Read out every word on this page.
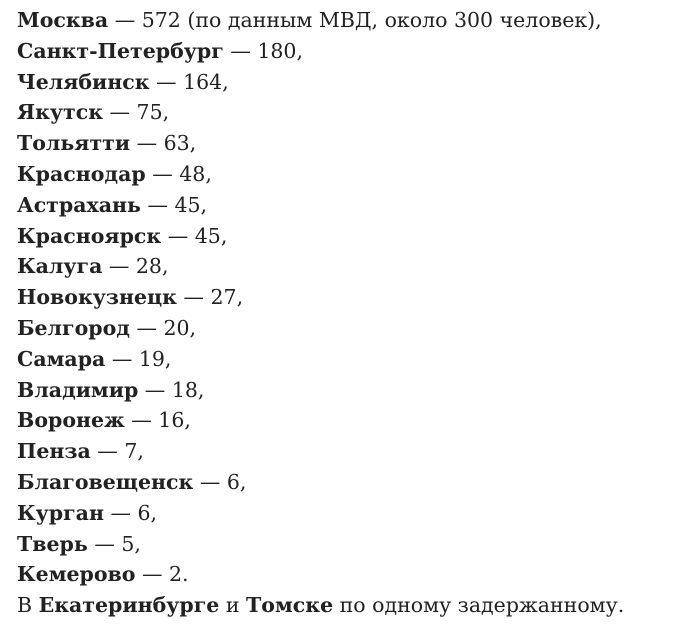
Москва — 572 (по данным МВД, около 300 человек),
Санкт-Петербург — 180,
Челябинск — 164,
Якутск — 75,
Тольятти — 63,
Краснодар — 48,
Астрахань — 45,
Красноярск — 45,
Калуга — 28,
Новокузнецк — 27,
Белгород — 20,
Самара — 19,
Владимир — 18,
Воронеж — 16,
Пенза — 7,
Благовещенск — 6,
Курган — 6,
Тверь — 5,
Кемерово — 2.
В Екатеринбурге и Томске по одному задержанному.
